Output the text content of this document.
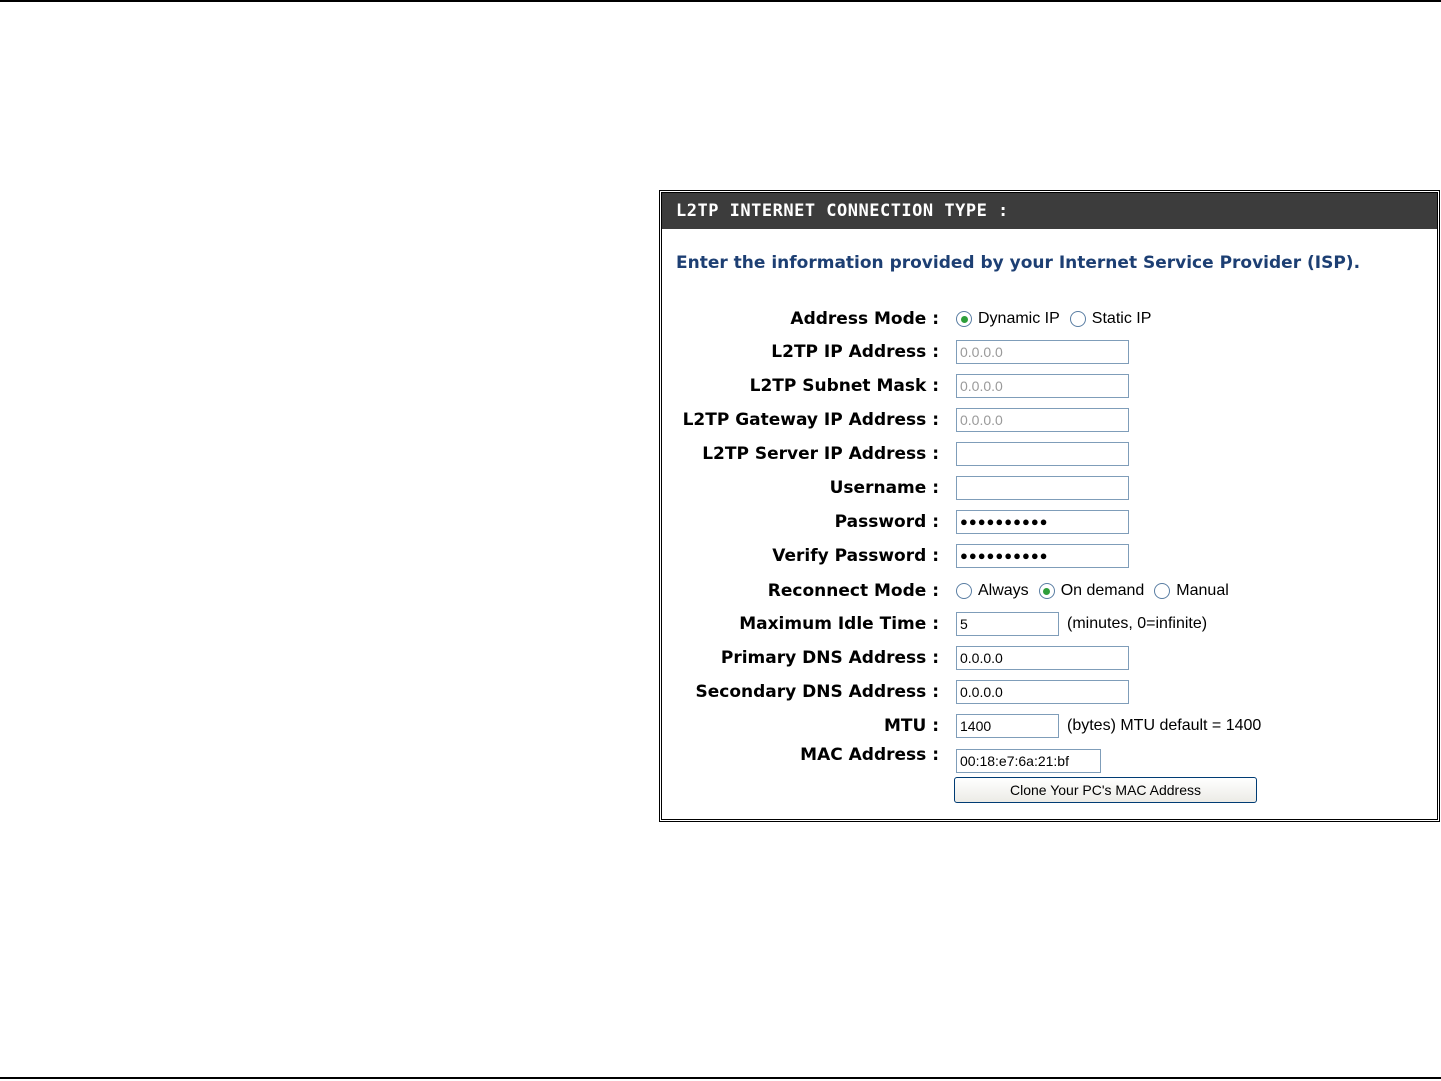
L2TP INTERNET CONNECTION TYPE :
Enter the information provided by your Internet Service Provider (ISP).
Address Mode : Dynamic IP Static IP
L2TP IP Address : 0.0.0.0
L2TP Subnet Mask : 0.0.0.0
L2TP Gateway IP Address : 0.0.0.0
L2TP Server IP Address :
Username :
Password :	●●●●●●●●●●
Verify Password :	●●●●●●●●●●
Reconnect Mode : Always On demand Manual
Maximum Idle Time : 5	(minutes, 0=infinite)
Primary DNS Address : 0.0.0.0
Secondary DNS Address : 0.0.0.0
MTU : 1400	(bytes) MTU default = 1400
MAC Address : 00:18:e7:6a:21:bf
Clone Your PC's MAC Address
